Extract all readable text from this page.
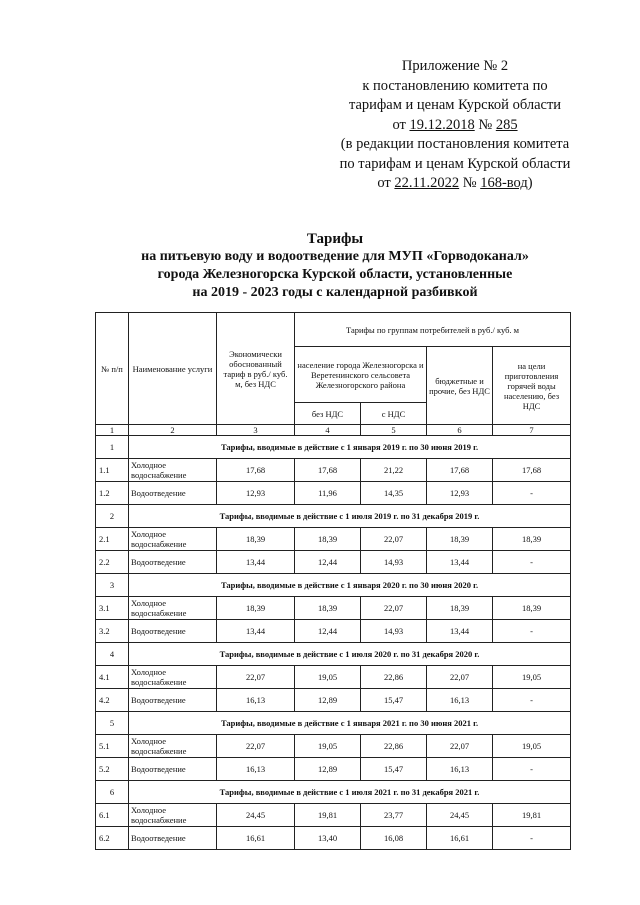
Приложение № 2
к постановлению комитета по
тарифам и ценам Курской области
от 19.12.2018 № 285
(в редакции постановления комитета
по тарифам и ценам Курской области
от 22.11.2022 № 168-вод)
Тарифы
на питьевую воду и водоотведение для МУП «Горводоканал»
города Железногорска Курской области, установленные
на 2019 - 2023 годы с календарной разбивкой
№ п/п	Наименование услуги	Экономически обоснованный тариф в руб./ куб. м, без НДС	Тарифы по группам потребителей в руб./ куб. м			
			население города Железногорска и Веретенинского сельсовета Железногорского района		бюджетные и прочие, без НДС	на цели приготовления горячей воды населению, без НДС
			без НДС	с НДС		
1	2	3	4	5	6	7
1	Тарифы, вводимые в действие с 1 января 2019 г. по 30 июня 2019 г.					
1.1	Холодное водоснабжение	17,68	17,68	21,22	17,68	17,68
1.2	Водоотведение	12,93	11,96	14,35	12,93	-
2	Тарифы, вводимые в действие с 1 июля 2019 г. по 31 декабря 2019 г.					
2.1	Холодное водоснабжение	18,39	18,39	22,07	18,39	18,39
2.2	Водоотведение	13,44	12,44	14,93	13,44	-
3	Тарифы, вводимые в действие с 1 января 2020 г. по 30 июня 2020 г.					
3.1	Холодное водоснабжение	18,39	18,39	22,07	18,39	18,39
3.2	Водоотведение	13,44	12,44	14,93	13,44	-
4	Тарифы, вводимые в действие с 1 июля 2020 г. по 31 декабря 2020 г.					
4.1	Холодное водоснабжение	22,07	19,05	22,86	22,07	19,05
4.2	Водоотведение	16,13	12,89	15,47	16,13	-
5	Тарифы, вводимые в действие с 1 января 2021 г. по 30 июня 2021 г.					
5.1	Холодное водоснабжение	22,07	19,05	22,86	22,07	19,05
5.2	Водоотведение	16,13	12,89	15,47	16,13	-
6	Тарифы, вводимые в действие с 1 июля 2021 г. по 31 декабря 2021 г.					
6.1	Холодное водоснабжение	24,45	19,81	23,77	24,45	19,81
6.2	Водоотведение	16,61	13,40	16,08	16,61	-
